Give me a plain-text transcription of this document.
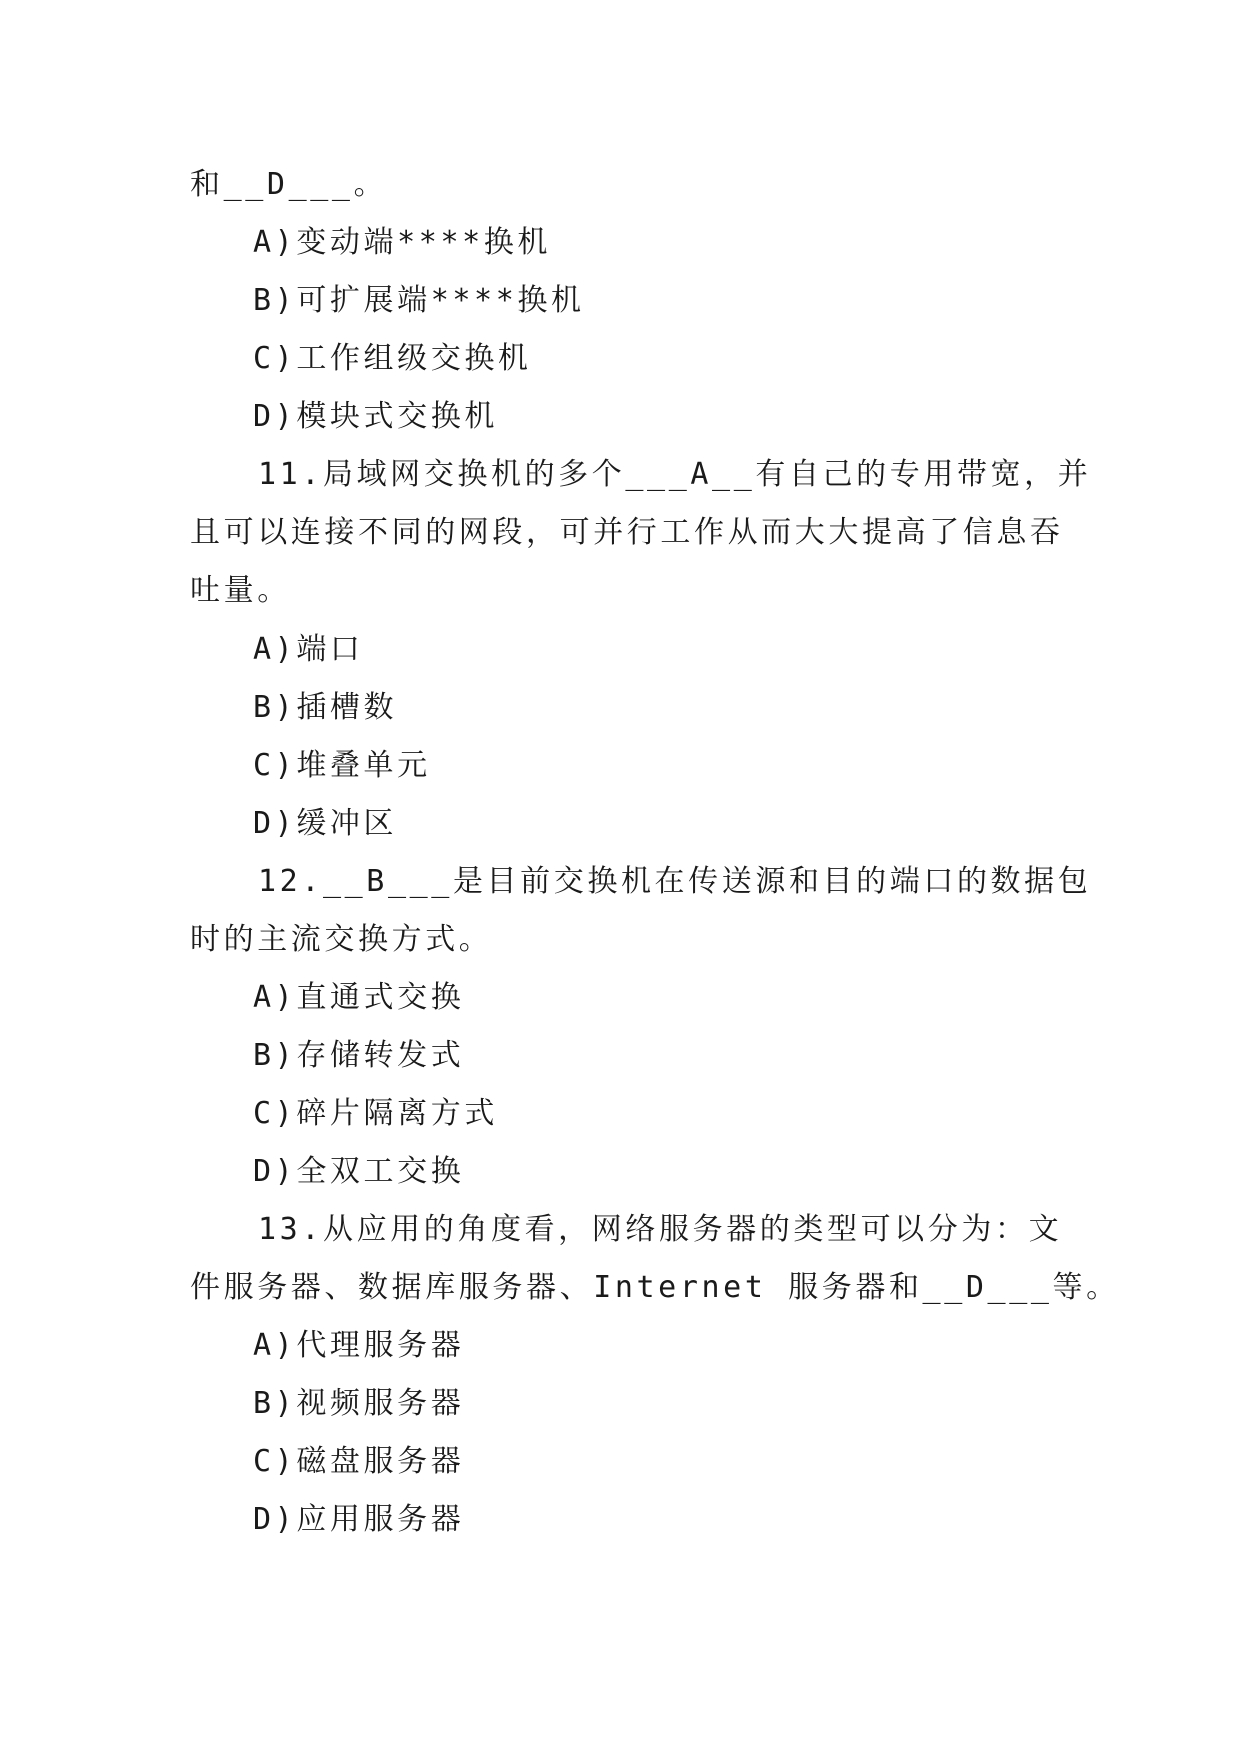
和__D___。
A)变动端****换机
B)可扩展端****换机
C)工作组级交换机
D)模块式交换机
11.局域网交换机的多个___A__有自己的专用带宽，并
且可以连接不同的网段，可并行工作从而大大提高了信息吞
吐量。
A)端口
B)插槽数
C)堆叠单元
D)缓冲区
12.__B___是目前交换机在传送源和目的端口的数据包
时的主流交换方式。
A)直通式交换
B)存储转发式
C)碎片隔离方式
D)全双工交换
13.从应用的角度看，网络服务器的类型可以分为：文
件服务器、数据库服务器、Internet 服务器和__D___等。
A)代理服务器
B)视频服务器
C)磁盘服务器
D)应用服务器
